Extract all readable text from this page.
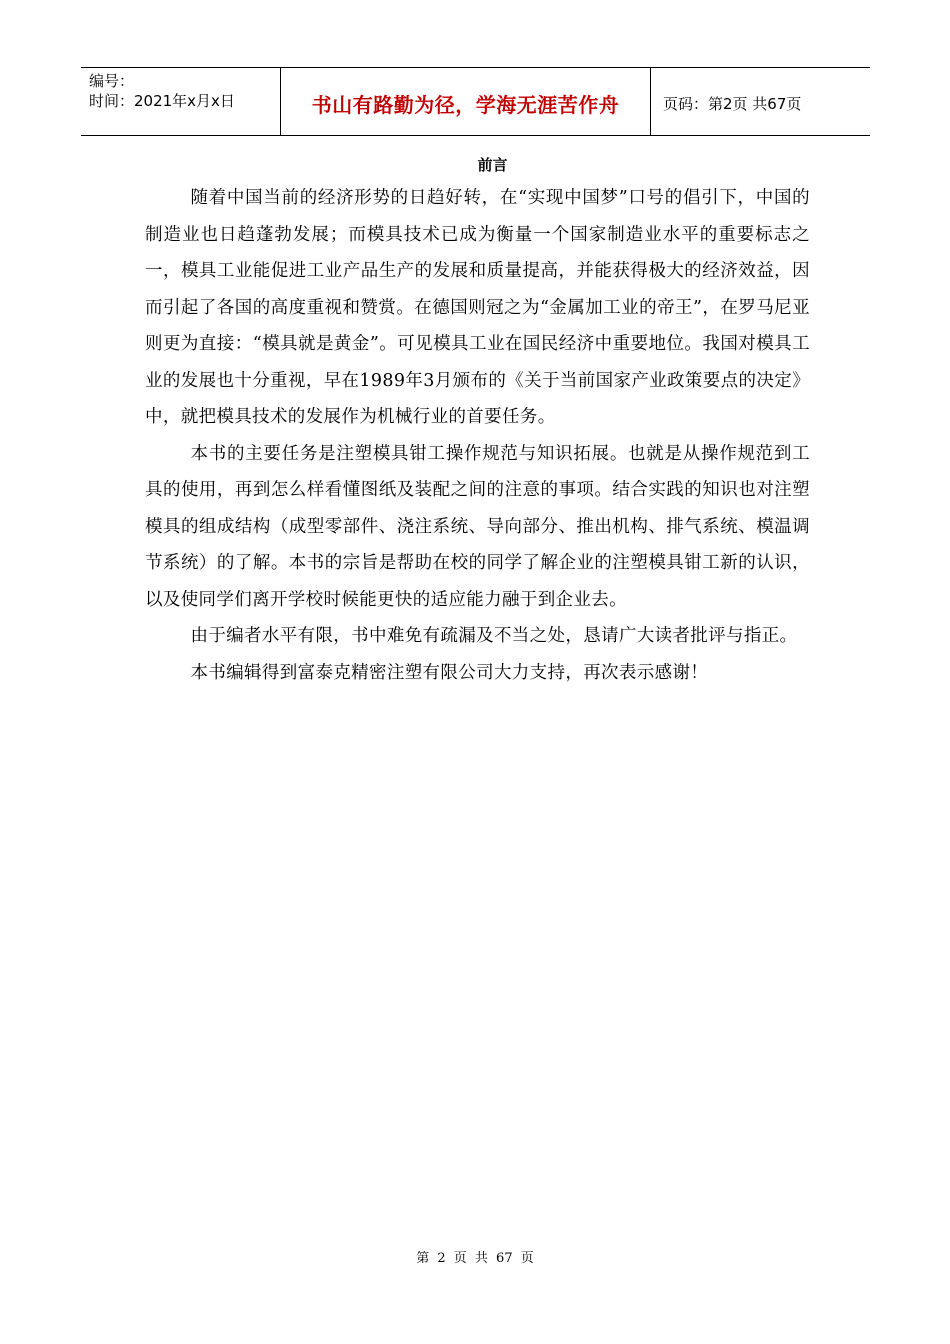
编号：
时间：2021年x月x日	书山有路勤为径，学海无涯苦作舟	页码：第2页 共67页
前言

随着中国当前的经济形势的日趋好转，在“实现中国梦”口号的倡引下，中国的制造业也日趋蓬勃发展；而模具技术已成为衡量一个国家制造业水平的重要标志之一，模具工业能促进工业产品生产的发展和质量提高，并能获得极大的经济效益，因而引起了各国的高度重视和赞赏。在德国则冠之为“金属加工业的帝王”，在罗马尼亚则更为直接：“模具就是黄金”。可见模具工业在国民经济中重要地位。我国对模具工业的发展也十分重视，早在1989年3月颁布的《关于当前国家产业政策要点的决定》中，就把模具技术的发展作为机械行业的首要任务。

本书的主要任务是注塑模具钳工操作规范与知识拓展。也就是从操作规范到工具的使用，再到怎么样看懂图纸及装配之间的注意的事项。结合实践的知识也对注塑模具的组成结构（成型零部件、浇注系统、导向部分、推出机构、排气系统、模温调节系统）的了解。本书的宗旨是帮助在校的同学了解企业的注塑模具钳工新的认识，以及使同学们离开学校时候能更快的适应能力融于到企业去。

由于编者水平有限，书中难免有疏漏及不当之处，恳请广大读者批评与指正。

本书编辑得到富泰克精密注塑有限公司大力支持，再次表示感谢！

第 2 页 共 67 页
